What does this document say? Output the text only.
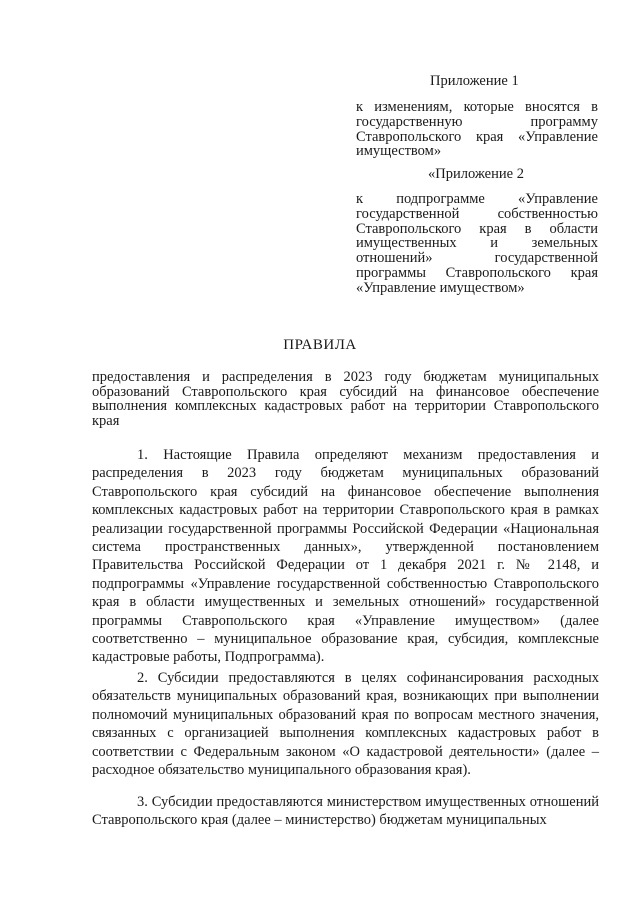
Приложение 1
к изменениям, которые вносятся в государственную программу Ставропольского края «Управление имуществом»
«Приложение 2
к подпрограмме «Управление государственной собственностью Ставропольского края в области имущественных и земельных отношений» государственной программы Ставропольского края «Управление имуществом»
ПРАВИЛА
предоставления и распределения в 2023 году бюджетам муниципальных образований Ставропольского края субсидий на финансовое обеспечение выполнения комплексных кадастровых работ на территории Ставропольского края
1. Настоящие Правила определяют механизм предоставления и распределения в 2023 году бюджетам муниципальных образований Ставропольского края субсидий на финансовое обеспечение выполнения комплексных кадастровых работ на территории Ставропольского края в рамках реализации государственной программы Российской Федерации «Национальная система пространственных данных», утвержденной постановлением Правительства Российской Федерации от 1 декабря 2021 г. № 2148, и подпрограммы «Управление государственной собственностью Ставропольского края в области имущественных и земельных отношений» государственной программы Ставропольского края «Управление имуществом» (далее соответственно – муниципальное образование края, субсидия, комплексные кадастровые работы, Подпрограмма).
2. Субсидии предоставляются в целях софинансирования расходных обязательств муниципальных образований края, возникающих при выполнении полномочий муниципальных образований края по вопросам местного значения, связанных с организацией выполнения комплексных кадастровых работ в соответствии с Федеральным законом «О кадастровой деятельности» (далее – расходное обязательство муниципального образования края).
3. Субсидии предоставляются министерством имущественных отношений Ставропольского края (далее – министерство) бюджетам муниципальных
